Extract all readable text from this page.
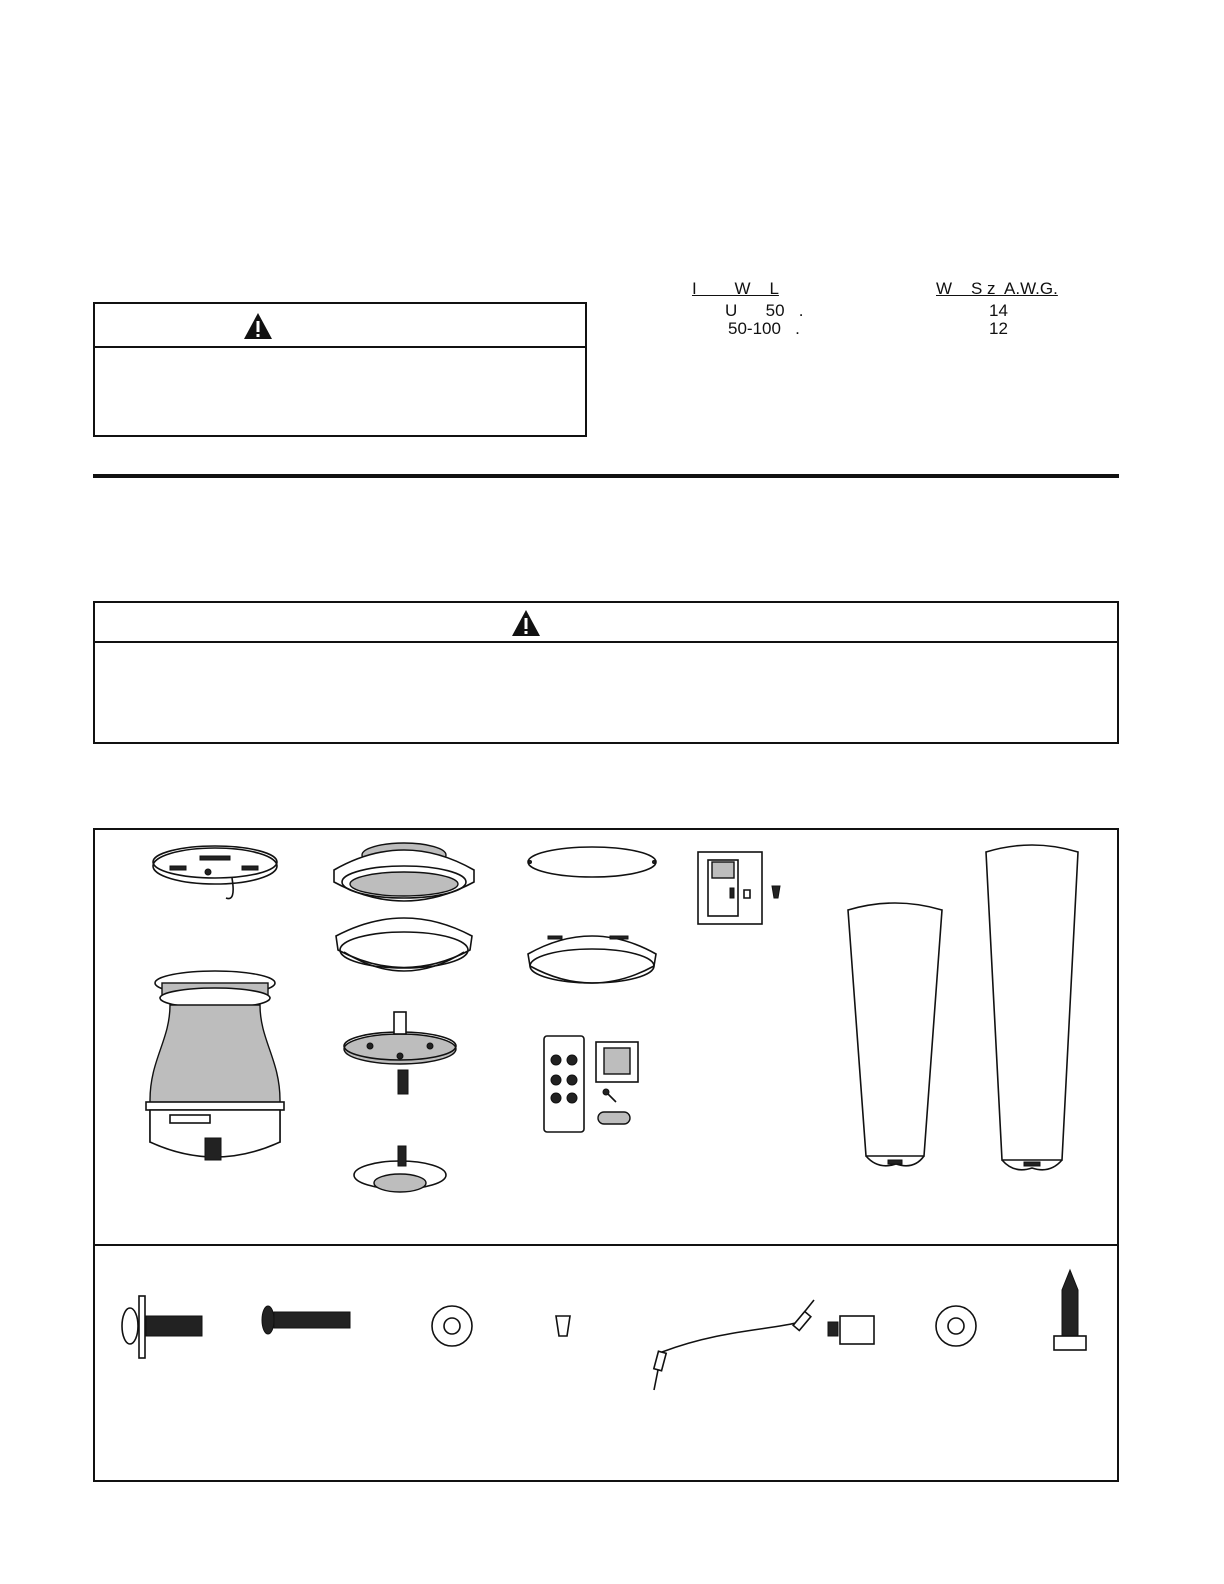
I        W    L	W    S z  A.W.G.
U      50   .	14
50-100   .	12
